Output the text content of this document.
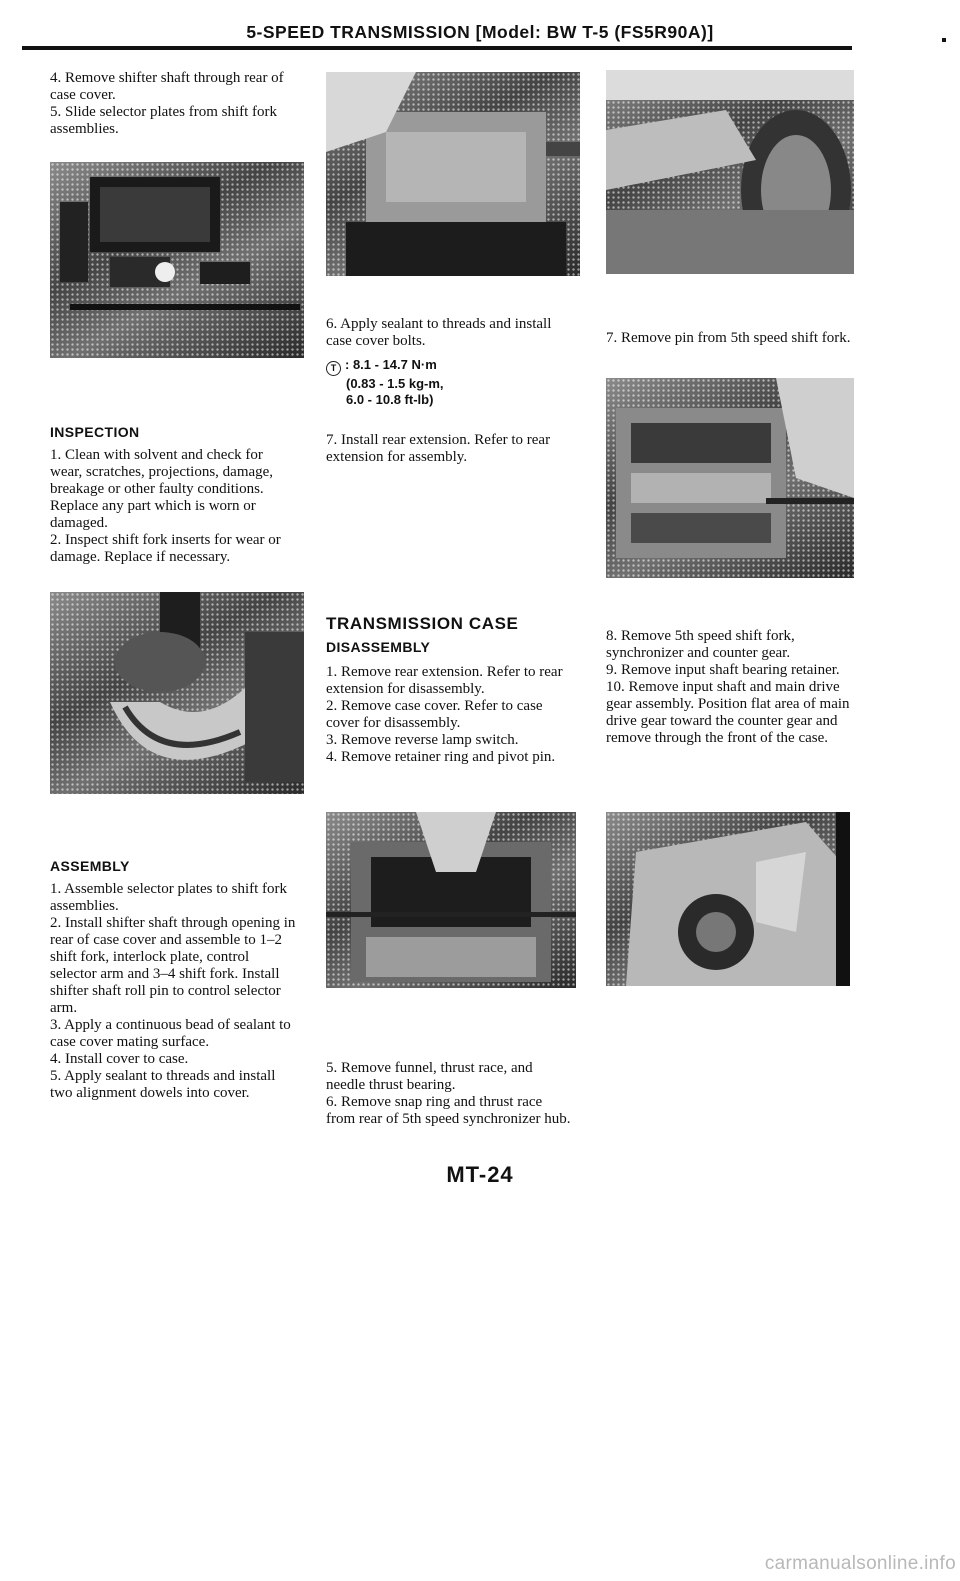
5-SPEED TRANSMISSION [Model: BW T-5 (FS5R90A)]

4. Remove shifter shaft through rear of case cover.

5. Slide selector plates from shift fork assemblies.

INSPECTION

1. Clean with solvent and check for wear, scratches, projections, damage, breakage or other faulty conditions. Replace any part which is worn or damaged.

2. Inspect shift fork inserts for wear or damage. Replace if necessary.

ASSEMBLY

1. Assemble selector plates to shift fork assemblies.

2. Install shifter shaft through opening in rear of case cover and assemble to 1–2 shift fork, interlock plate, control selector arm and 3–4 shift fork. Install shifter shaft roll pin to control selector arm.

3. Apply a continuous bead of sealant to case cover mating surface.

4. Install cover to case.

5. Apply sealant to threads and install two alignment dowels into cover.

6. Apply sealant to threads and install case cover bolts.

T : 8.1 - 14.7 N·m
(0.83 - 1.5 kg-m,
6.0 - 10.8 ft-lb)

7. Install rear extension. Refer to rear extension for assembly.

TRANSMISSION CASE
DISASSEMBLY

1. Remove rear extension. Refer to rear extension for disassembly.

2. Remove case cover. Refer to case cover for disassembly.

3. Remove reverse lamp switch.

4. Remove retainer ring and pivot pin.

5. Remove funnel, thrust race, and needle thrust bearing.

6. Remove snap ring and thrust race from rear of 5th speed synchronizer hub.

7. Remove pin from 5th speed shift fork.

8. Remove 5th speed shift fork, synchronizer and counter gear.

9. Remove input shaft bearing retainer.

10. Remove input shaft and main drive gear assembly. Position flat area of main drive gear toward the counter gear and remove through the front of the case.

MT-24
carmanualsonline.info
